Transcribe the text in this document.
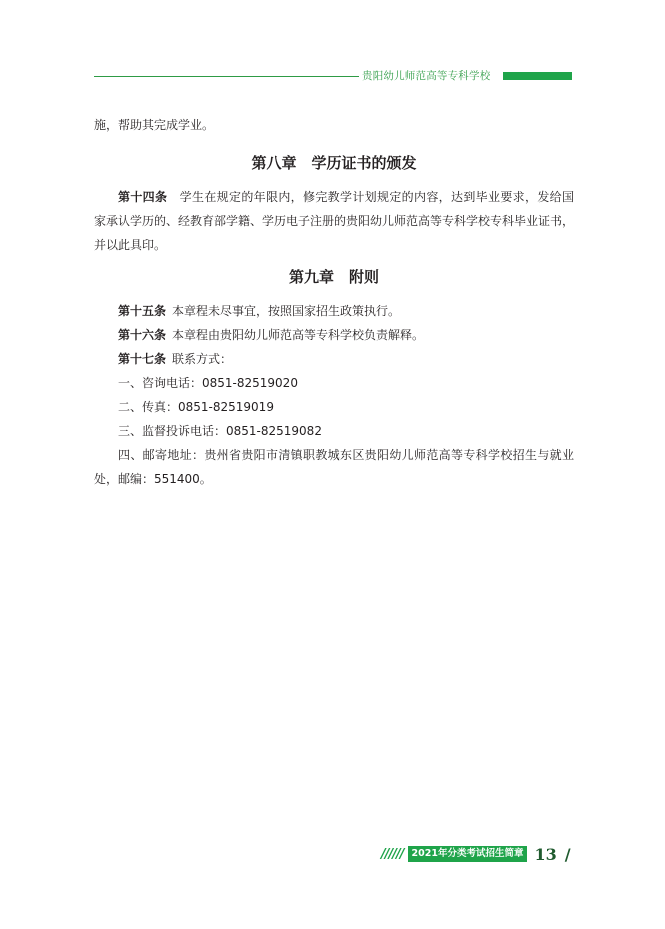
贵阳幼儿师范高等专科学校

施，帮助其完成学业。

第八章　学历证书的颁发

第十四条　学生在规定的年限内，修完教学计划规定的内容，达到毕业要求，发给国家承认学历的、经教育部学籍、学历电子注册的贵阳幼儿师范高等专科学校专科毕业证书，并以此具印。

第九章　附则

第十五条  本章程未尽事宜，按照国家招生政策执行。

第十六条  本章程由贵阳幼儿师范高等专科学校负责解释。

第十七条  联系方式：

一、咨询电话：0851-82519020

二、传真：0851-82519019

三、监督投诉电话：0851-82519082

四、邮寄地址：贵州省贵阳市清镇职教城东区贵阳幼儿师范高等专科学校招生与就业处，邮编：551400。

////// 2021年分类考试招生简章 13 /
